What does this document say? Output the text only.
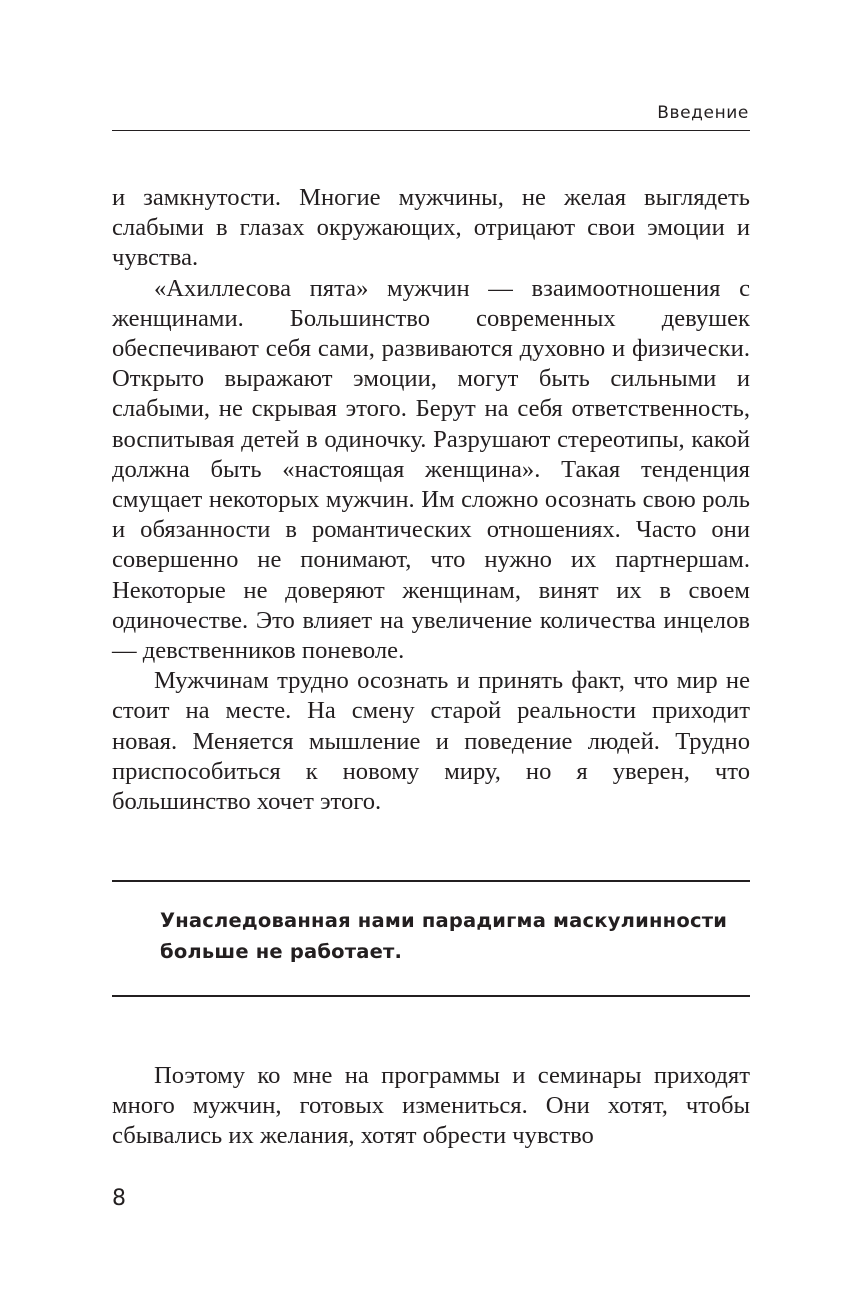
Введение

и замкнутости. Многие мужчины, не желая выглядеть слабыми в глазах окружающих, отрицают свои эмоции и чувства.

«Ахиллесова пята» мужчин — взаимоотношения с женщинами. Большинство современных девушек обеспечивают себя сами, развиваются духовно и физически. Открыто выражают эмоции, могут быть сильными и слабыми, не скрывая этого. Берут на себя ответственность, воспитывая детей в одиночку. Разрушают стереотипы, какой должна быть «настоящая женщина». Такая тенденция смущает некоторых мужчин. Им сложно осознать свою роль и обязанности в романтических отношениях. Часто они совершенно не понимают, что нужно их партнершам. Некоторые не доверяют женщинам, винят их в своем одиночестве. Это влияет на увеличение количества инцелов — девственников поневоле.

Мужчинам трудно осознать и принять факт, что мир не стоит на месте. На смену старой реальности приходит новая. Меняется мышление и поведение людей. Трудно приспособиться к новому миру, но я уверен, что большинство хочет этого.

Унаследованная нами парадигма маскулинности больше не работает.

Поэтому ко мне на программы и семинары приходят много мужчин, готовых измениться. Они хотят, чтобы сбывались их желания, хотят обрести чувство

8
